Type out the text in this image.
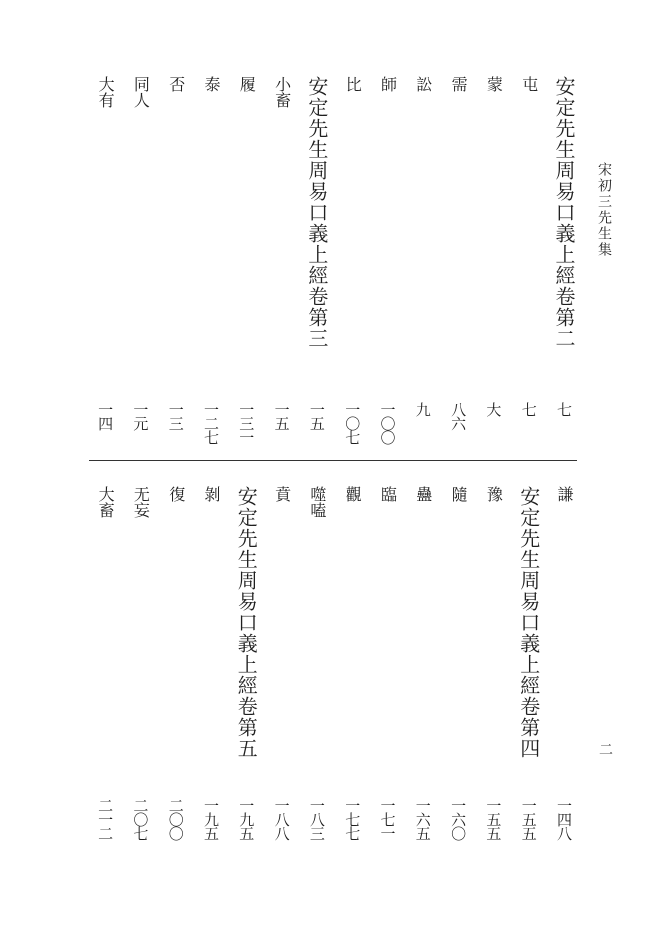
宋初三先生集
二
安定先生周易口義上經卷第二
七
屯
七
蒙
大
需
八六
訟
九
師
一〇〇
比
一〇七
安定先生周易口義上經卷第三
一五
小畜
一五
履
一三一
泰
一二七
否
一三
同人
一元
大有
一四
謙
一四八
安定先生周易口義上經卷第四
一五五
豫
一五五
隨
一六〇
蠱
一六五
臨
一七一
觀
一七七
噬嗑
一八三
賁
一八八
安定先生周易口義上經卷第五
一九五
剝
一九五
復
二〇〇
无妄
二〇七
大畜
二一二
